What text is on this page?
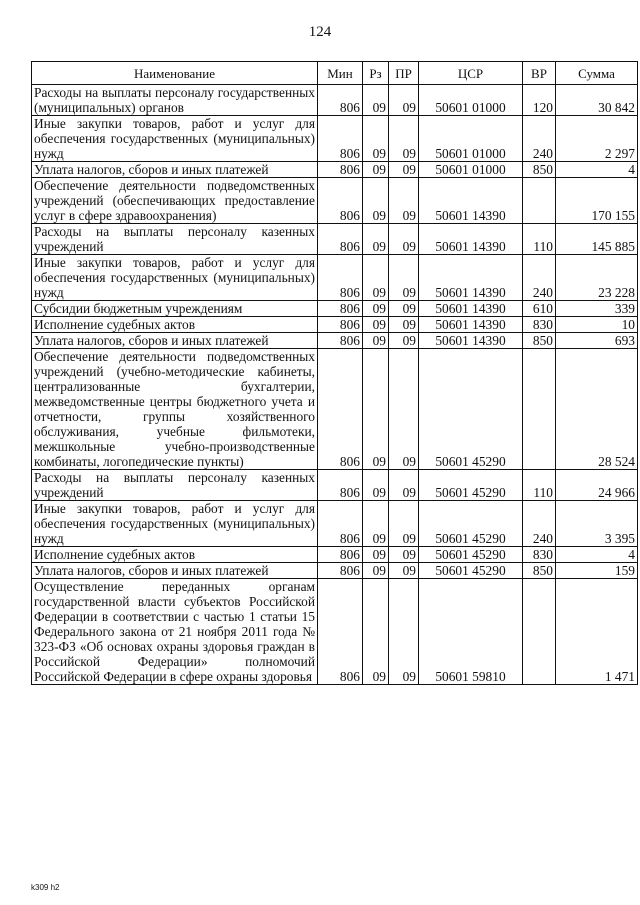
124
Наименование	Мин	Рз	ПР	ЦСР	ВР	Сумма
Расходы на выплаты персоналу государственных (муниципальных) органов	806	09	09	50601 01000	120	30 842
Иные закупки товаров, работ и услуг для обеспечения государственных (муниципальных) нужд	806	09	09	50601 01000	240	2 297
Уплата налогов, сборов и иных платежей	806	09	09	50601 01000	850	4
Обеспечение деятельности подведомственных учреждений (обеспечивающих предоставление услуг в сфере здравоохранения)	806	09	09	50601 14390		170 155
Расходы на выплаты персоналу казенных учреждений	806	09	09	50601 14390	110	145 885
Иные закупки товаров, работ и услуг для обеспечения государственных (муниципальных) нужд	806	09	09	50601 14390	240	23 228
Субсидии бюджетным учреждениям	806	09	09	50601 14390	610	339
Исполнение судебных актов	806	09	09	50601 14390	830	10
Уплата налогов, сборов и иных платежей	806	09	09	50601 14390	850	693
Обеспечение деятельности подведомственных учреждений (учебно-методические кабинеты, централизованные бухгалтерии, межведомственные центры бюджетного учета и отчетности, группы хозяйственного обслуживания, учебные фильмотеки, межшкольные учебно-производственные комбинаты, логопедические пункты)	806	09	09	50601 45290		28 524
Расходы на выплаты персоналу казенных учреждений	806	09	09	50601 45290	110	24 966
Иные закупки товаров, работ и услуг для обеспечения государственных (муниципальных) нужд	806	09	09	50601 45290	240	3 395
Исполнение судебных актов	806	09	09	50601 45290	830	4
Уплата налогов, сборов и иных платежей	806	09	09	50601 45290	850	159
Осуществление переданных органам государственной власти субъектов Российской Федерации в соответствии с частью 1 статьи 15 Федерального закона от 21 ноября 2011 года № 323-ФЗ «Об основах охраны здоровья граждан в Российской Федерации» полномочий Российской Федерации в сфере охраны здоровья	806	09	09	50601 59810		1 471
k309 h2
